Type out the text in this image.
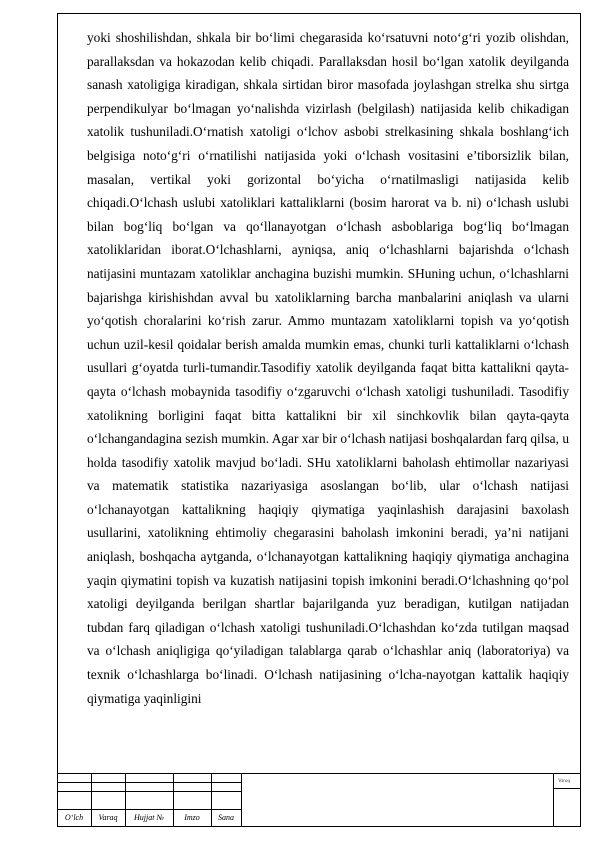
yoki shoshilishdan, shkala bir bo‘limi chegarasida ko‘rsatuvni noto‘g‘ri yozib olishdan, parallaksdan va hokazodan kelib chiqadi. Parallaksdan hosil bo‘lgan xatolik deyilganda sanash xatoligiga kiradigan, shkala sirtidan biror masofada joylashgan strelka shu sirtga perpendikulyar bo‘lmagan yo‘nalishda vizirlash (belgilash) natijasida kelib chikadigan xatolik tushuniladi.O‘rnatish xatoligi o‘lchov asbobi strelkasining shkala boshlang‘ich belgisiga noto‘g‘ri o‘rnatilishi natijasida yoki o‘lchash vositasini e’tiborsizlik bilan, masalan, vertikal yoki gorizontal bo‘yicha o‘rnatilmasligi natijasida kelib chiqadi.O‘lchash uslubi xatoliklari kattaliklarni (bosim harorat va b. ni) o‘lchash uslubi bilan bog‘liq bo‘lgan va qo‘llanayotgan o‘lchash asboblariga bog‘liq bo‘lmagan xatoliklaridan iborat.O‘lchashlarni, ayniqsa, aniq o‘lchashlarni bajarishda o‘lchash natijasini muntazam xatoliklar anchagina buzishi mumkin. SHuning uchun, o‘lchashlarni bajarishga kirishishdan avval bu xatoliklarning barcha manbalarini aniqlash va ularni yo‘qotish choralarini ko‘rish zarur. Ammo muntazam xatoliklarni topish va yo‘qotish uchun uzil-kesil qoidalar berish amalda mumkin emas, chunki turli kattaliklarni o‘lchash usullari g‘oyatda turli-tumandir.Tasodifiy xatolik deyilganda faqat bitta kattalikni qayta-qayta o‘lchash mobaynida tasodifiy o‘zgaruvchi o‘lchash xatoligi tushuniladi. Tasodifiy xatolikning borligini faqat bitta kattalikni bir xil sinchkovlik bilan qayta-qayta o‘lchangandagina sezish mumkin. Agar xar bir o‘lchash natijasi boshqalardan farq qilsa, u holda tasodifiy xatolik mavjud bo‘ladi. SHu xatoliklarni baholash ehtimollar nazariyasi va matematik statistika nazariyasiga asoslangan bo‘lib, ular o‘lchash natijasi o‘lchanayotgan kattalikning haqiqiy qiymatiga yaqinlashish darajasini baxolash usullarini, xatolikning ehtimoliy chegarasini baholash imkonini beradi, ya’ni natijani aniqlash, boshqacha aytganda, o‘lchanayotgan kattalikning haqiqiy qiymatiga anchagina yaqin qiymatini topish va kuzatish natijasini topish imkonini beradi.O‘lchashning qo‘pol xatoligi deyilganda berilgan shartlar bajarilganda yuz beradigan, kutilgan natijadan tubdan farq qiladigan o‘lchash xatoligi tushuniladi.O‘lchashdan ko‘zda tutilgan maqsad va o‘lchash aniqligiga qo‘yiladigan talablarga qarab o‘lchashlar aniq (laboratoriya) va texnik o‘lchashlarga bo‘linadi. O‘lchash natijasining o‘lcha-nayotgan kattalik haqiqiy qiymatiga yaqinligini

O‘lch	Varaq	Hujjat №	Imzo	Sana
Varaq
